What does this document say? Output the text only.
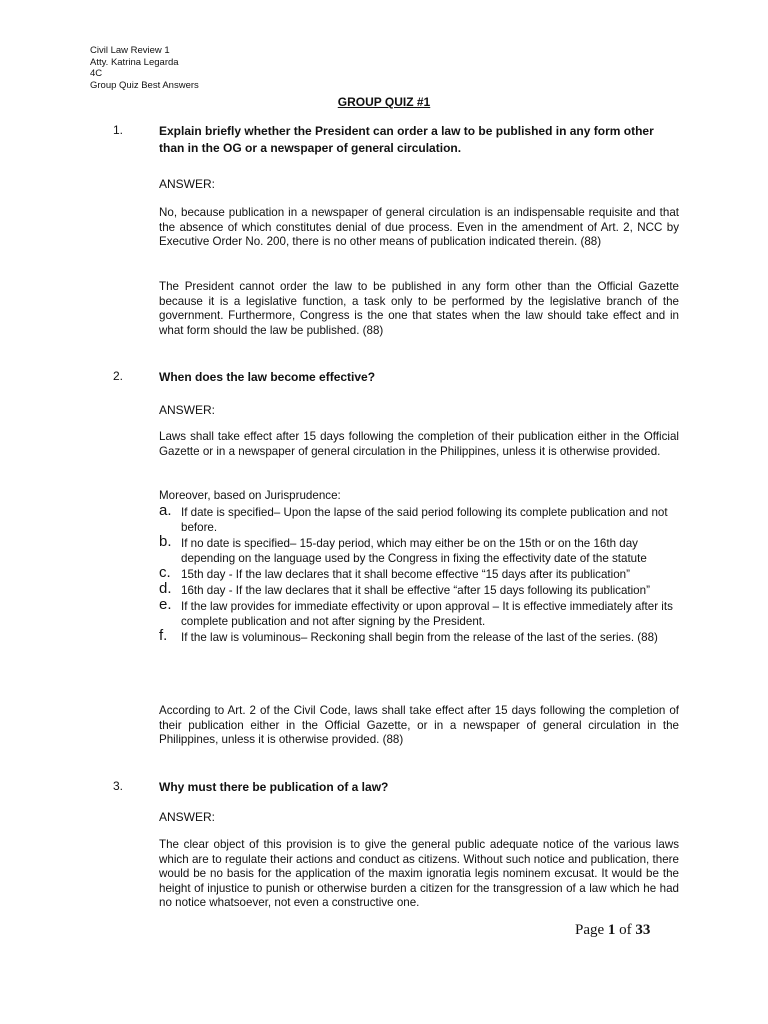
Civil Law Review 1
Atty. Katrina Legarda
4C
Group Quiz Best Answers
GROUP QUIZ #1
1.	Explain briefly whether the President can order a law to be published in any form other than in the OG or a newspaper of general circulation.
ANSWER:
No, because publication in a newspaper of general circulation is an indispensable requisite and that the absence of which constitutes denial of due process. Even in the amendment of Art. 2, NCC by Executive Order No. 200, there is no other means of publication indicated therein. (88)
The President cannot order the law to be published in any form other than the Official Gazette because it is a legislative function, a task only to be performed by the legislative branch of the government. Furthermore, Congress is the one that states when the law should take effect and in what form should the law be published. (88)
2.	When does the law become effective?
ANSWER:
Laws shall take effect after 15 days following the completion of their publication either in the Official Gazette or in a newspaper of general circulation in the Philippines, unless it is otherwise provided.
Moreover, based on Jurisprudence:
a. If date is specified– Upon the lapse of the said period following its complete publication and not before.
b. If no date is specified– 15-day period, which may either be on the 15th or on the 16th day depending on the language used by the Congress in fixing the effectivity date of the statute
c. 15th day - If the law declares that it shall become effective “15 days after its publication”
d. 16th day - If the law declares that it shall be effective “after 15 days following its publication”
e. If the law provides for immediate effectivity or upon approval – It is effective immediately after its complete publication and not after signing by the President.
f. If the law is voluminous– Reckoning shall begin from the release of the last of the series. (88)
According to Art. 2 of the Civil Code, laws shall take effect after 15 days following the completion of their publication either in the Official Gazette, or in a newspaper of general circulation in the Philippines, unless it is otherwise provided. (88)
3.	Why must there be publication of a law?
ANSWER:
The clear object of this provision is to give the general public adequate notice of the various laws which are to regulate their actions and conduct as citizens. Without such notice and publication, there would be no basis for the application of the maxim ignoratia legis nominem excusat. It would be the height of injustice to punish or otherwise burden a citizen for the transgression of a law which he had no notice whatsoever, not even a constructive one.
Page 1 of 33
